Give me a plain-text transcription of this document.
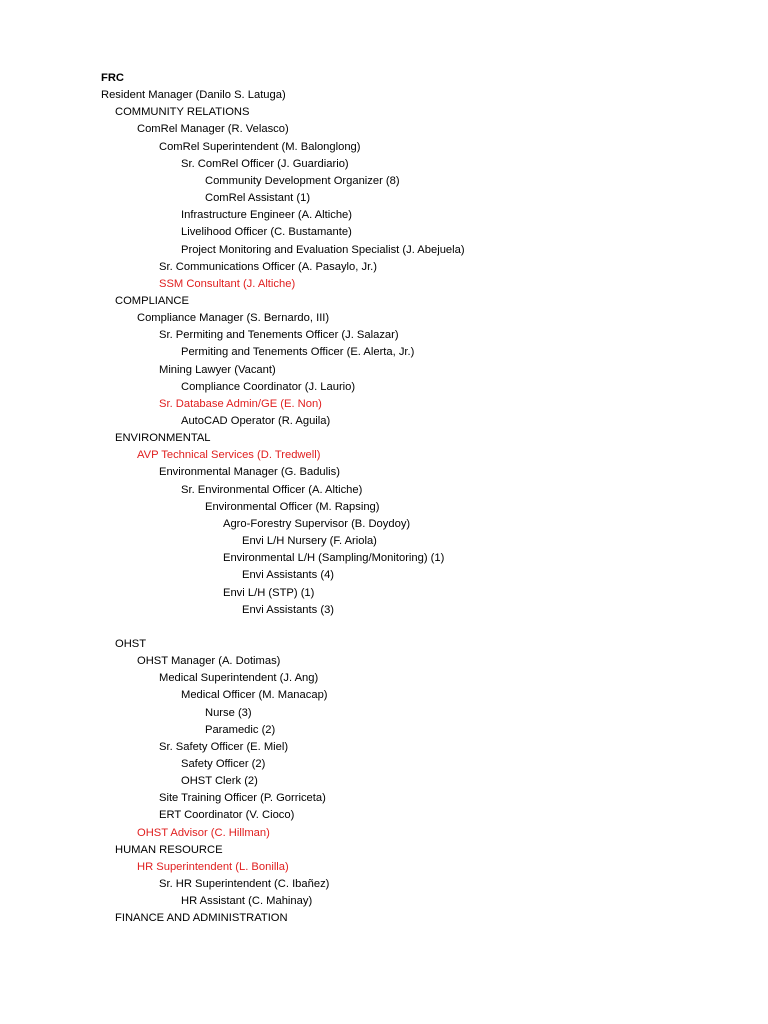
FRC
Resident Manager (Danilo S. Latuga)
COMMUNITY RELATIONS
ComRel Manager (R. Velasco)
ComRel Superintendent (M. Balonglong)
Sr. ComRel Officer (J. Guardiario)
Community Development Organizer (8)
ComRel Assistant (1)
Infrastructure Engineer (A. Altiche)
Livelihood Officer (C. Bustamante)
Project Monitoring and Evaluation Specialist (J. Abejuela)
Sr. Communications Officer (A. Pasaylo, Jr.)
SSM Consultant (J. Altiche)
COMPLIANCE
Compliance Manager (S. Bernardo, III)
Sr. Permiting and Tenements Officer (J. Salazar)
Permiting and Tenements Officer (E. Alerta, Jr.)
Mining Lawyer (Vacant)
Compliance Coordinator (J. Laurio)
Sr. Database Admin/GE (E. Non)
AutoCAD Operator (R. Aguila)
ENVIRONMENTAL
AVP Technical Services (D. Tredwell)
Environmental Manager (G. Badulis)
Sr. Environmental Officer (A. Altiche)
Environmental Officer (M. Rapsing)
Agro-Forestry Supervisor (B. Doydoy)
Envi L/H Nursery (F. Ariola)
Environmental L/H (Sampling/Monitoring) (1)
Envi Assistants (4)
Envi L/H (STP) (1)
Envi Assistants (3)
OHST
OHST Manager (A. Dotimas)
Medical Superintendent (J. Ang)
Medical Officer (M. Manacap)
Nurse (3)
Paramedic (2)
Sr. Safety Officer (E. Miel)
Safety Officer (2)
OHST Clerk (2)
Site Training Officer (P. Gorriceta)
ERT Coordinator (V. Cioco)
OHST Advisor (C. Hillman)
HUMAN RESOURCE
HR Superintendent (L. Bonilla)
Sr. HR Superintendent (C. Ibañez)
HR Assistant (C. Mahinay)
FINANCE AND ADMINISTRATION
